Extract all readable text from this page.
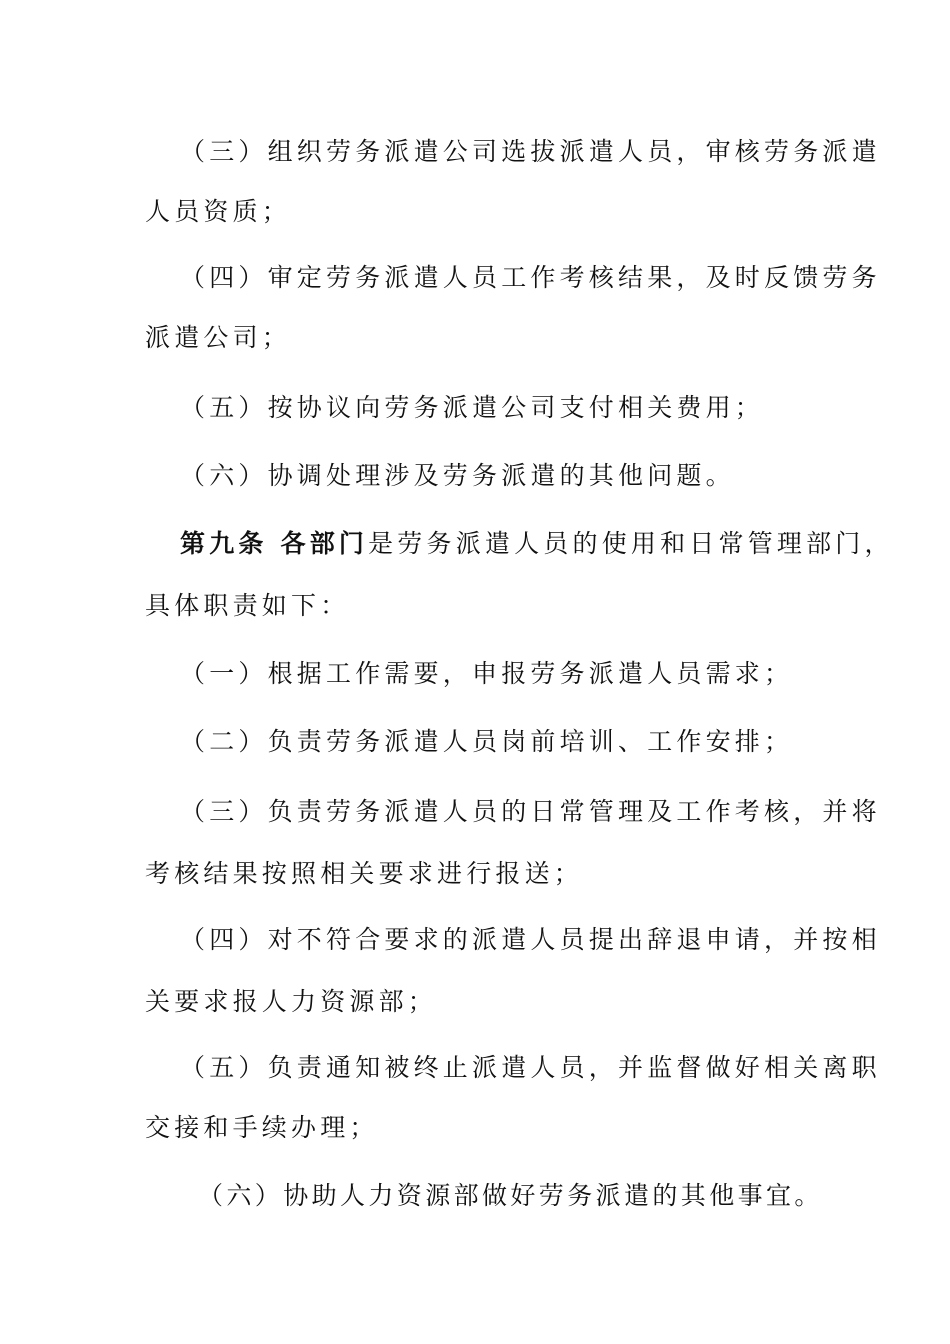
（三）组织劳务派遣公司选拔派遣人员，审核劳务派遣
人员资质；
（四）审定劳务派遣人员工作考核结果，及时反馈劳务
派遣公司；
（五）按协议向劳务派遣公司支付相关费用；
（六）协调处理涉及劳务派遣的其他问题。
第九条 各部门是劳务派遣人员的使用和日常管理部门，
具体职责如下：
（一）根据工作需要，申报劳务派遣人员需求；
（二）负责劳务派遣人员岗前培训、工作安排；
（三）负责劳务派遣人员的日常管理及工作考核，并将
考核结果按照相关要求进行报送；
（四）对不符合要求的派遣人员提出辞退申请，并按相
关要求报人力资源部；
（五）负责通知被终止派遣人员，并监督做好相关离职
交接和手续办理；
（六）协助人力资源部做好劳务派遣的其他事宜。
